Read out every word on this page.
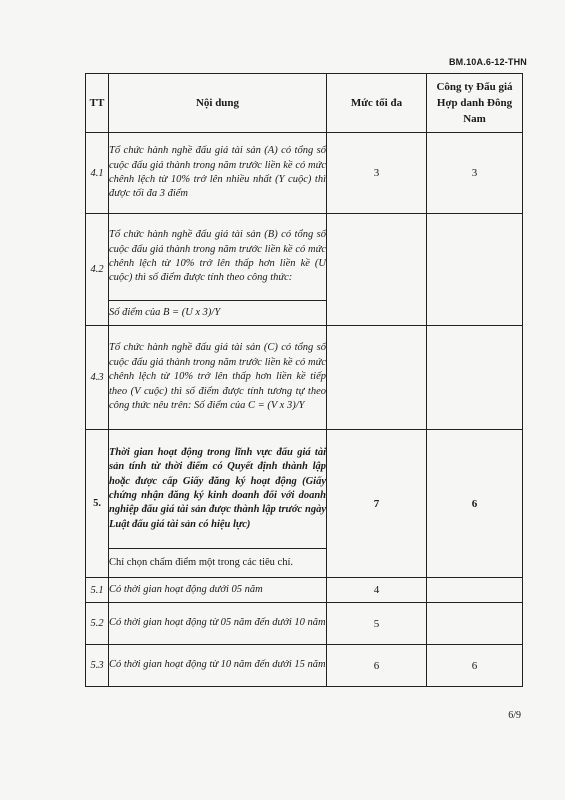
BM.10A.6-12-THN
TT	Nội dung	Mức tối đa	Công ty Đấu giá Hợp danh Đông Nam
4.1	Tổ chức hành nghề đấu giá tài sản (A) có tổng số cuộc đấu giá thành trong năm trước liền kề có mức chênh lệch từ 10% trở lên nhiều nhất (Y cuộc) thì được tối đa 3 điểm	3	3
4.2	Tổ chức hành nghề đấu giá tài sản (B) có tổng số cuộc đấu giá thành trong năm trước liền kề có mức chênh lệch từ 10% trở lên thấp hơn liền kề (U cuộc) thì số điểm được tính theo công thức:		
	Số điểm của B = (U x 3)/Y		
4.3	Tổ chức hành nghề đấu giá tài sản (C) có tổng số cuộc đấu giá thành trong năm trước liền kề có mức chênh lệch từ 10% trở lên thấp hơn liền kề tiếp theo (V cuộc) thì số điểm được tính tương tự theo công thức nêu trên: Số điểm của C = (V x 3)/Y		
5.	Thời gian hoạt động trong lĩnh vực đấu giá tài sản tính từ thời điểm có Quyết định thành lập hoặc được cấp Giấy đăng ký hoạt động (Giấy chứng nhận đăng ký kinh doanh đối với doanh nghiệp đấu giá tài sản được thành lập trước ngày Luật đấu giá tài sản có hiệu lực)	7	6
	Chỉ chọn chấm điểm một trong các tiêu chí.		
5.1	Có thời gian hoạt động dưới 05 năm	4	
5.2	Có thời gian hoạt động từ 05 năm đến dưới 10 năm	5	
5.3	Có thời gian hoạt động từ 10 năm đến dưới 15 năm	6	6
6/9
